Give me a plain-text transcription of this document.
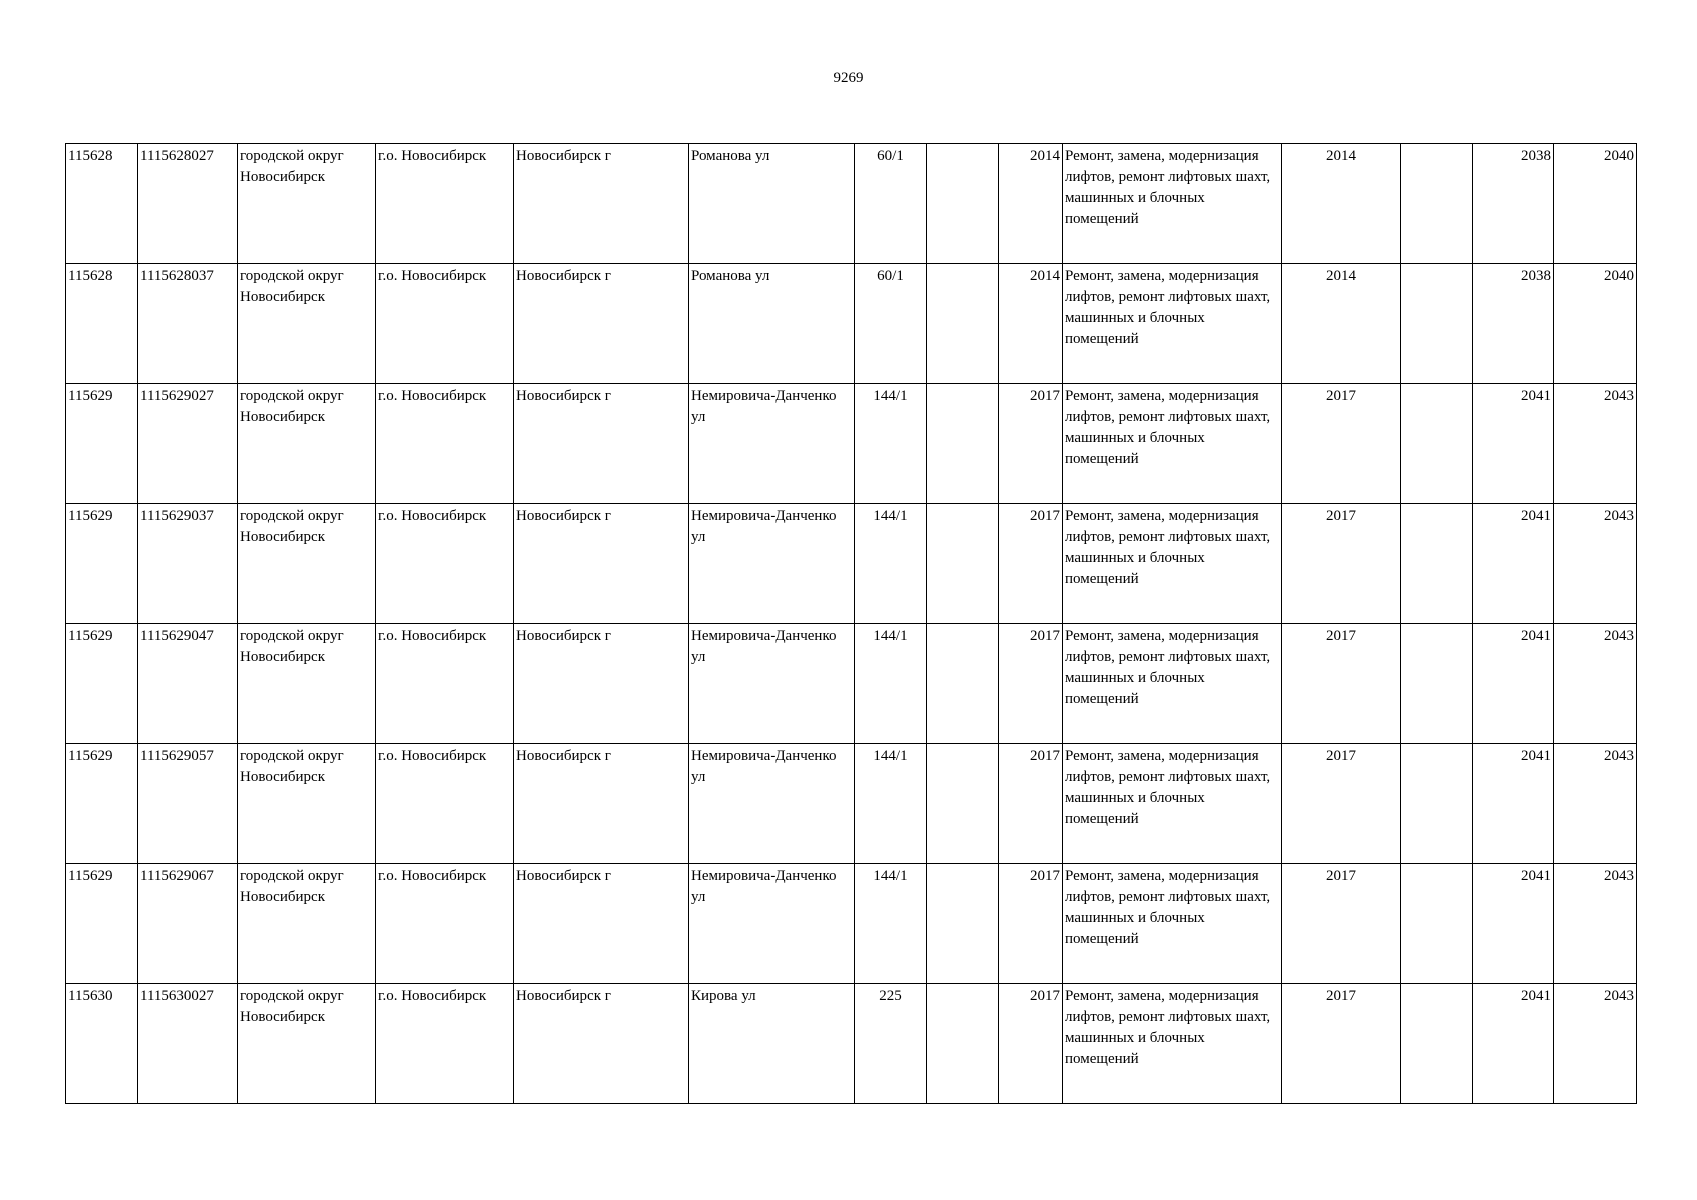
9269
115628	1115628027	городской округ Новосибирск	г.о. Новосибирск	Новосибирск г	Романова ул	60/1		2014	Ремонт, замена, модернизация лифтов, ремонт лифтовых шахт, машинных и блочных помещений	2014		2038	2040
115628	1115628037	городской округ Новосибирск	г.о. Новосибирск	Новосибирск г	Романова ул	60/1		2014	Ремонт, замена, модернизация лифтов, ремонт лифтовых шахт, машинных и блочных помещений	2014		2038	2040
115629	1115629027	городской округ Новосибирск	г.о. Новосибирск	Новосибирск г	Немировича-Данченко ул	144/1		2017	Ремонт, замена, модернизация лифтов, ремонт лифтовых шахт, машинных и блочных помещений	2017		2041	2043
115629	1115629037	городской округ Новосибирск	г.о. Новосибирск	Новосибирск г	Немировича-Данченко ул	144/1		2017	Ремонт, замена, модернизация лифтов, ремонт лифтовых шахт, машинных и блочных помещений	2017		2041	2043
115629	1115629047	городской округ Новосибирск	г.о. Новосибирск	Новосибирск г	Немировича-Данченко ул	144/1		2017	Ремонт, замена, модернизация лифтов, ремонт лифтовых шахт, машинных и блочных помещений	2017		2041	2043
115629	1115629057	городской округ Новосибирск	г.о. Новосибирск	Новосибирск г	Немировича-Данченко ул	144/1		2017	Ремонт, замена, модернизация лифтов, ремонт лифтовых шахт, машинных и блочных помещений	2017		2041	2043
115629	1115629067	городской округ Новосибирск	г.о. Новосибирск	Новосибирск г	Немировича-Данченко ул	144/1		2017	Ремонт, замена, модернизация лифтов, ремонт лифтовых шахт, машинных и блочных помещений	2017		2041	2043
115630	1115630027	городской округ Новосибирск	г.о. Новосибирск	Новосибирск г	Кирова ул	225		2017	Ремонт, замена, модернизация лифтов, ремонт лифтовых шахт, машинных и блочных помещений	2017		2041	2043
